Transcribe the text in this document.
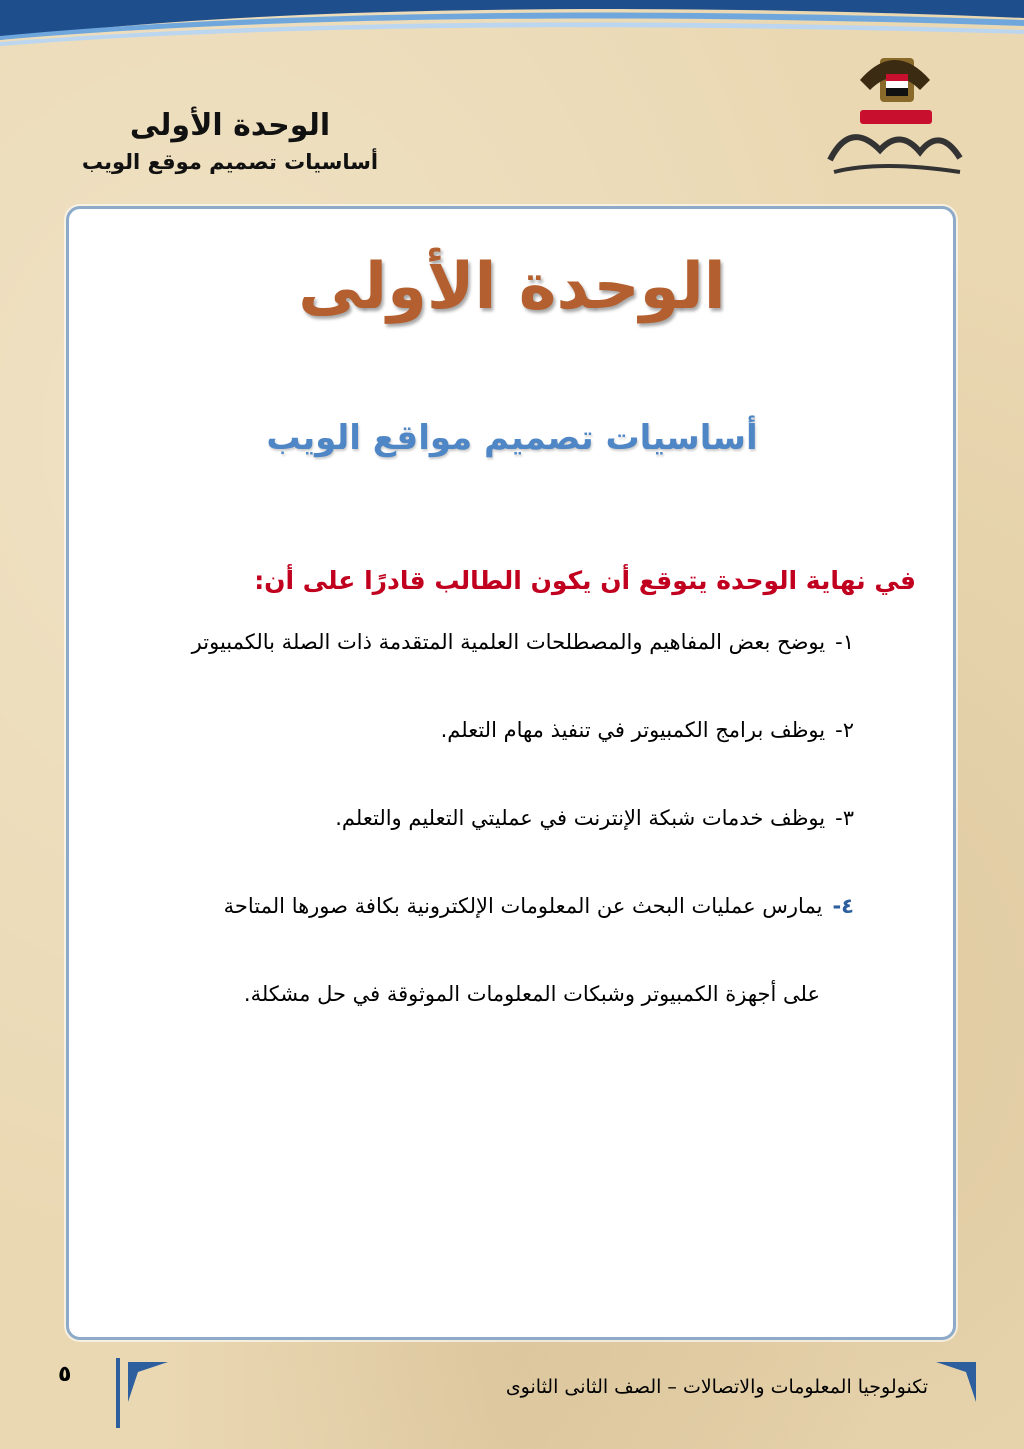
الوحدة الأولى
أساسيات تصميم موقع الويب
الوحدة الأولى
أساسيات تصميم مواقع الويب
في نهاية الوحدة يتوقع أن يكون الطالب قادرًا على أن:
١-يوضح بعض المفاهيم والمصطلحات العلمية المتقدمة ذات الصلة بالكمبيوتر
٢-يوظف برامج الكمبيوتر في تنفيذ مهام التعلم.
٣-يوظف خدمات شبكة الإنترنت في عمليتي التعليم والتعلم.
٤-يمارس عمليات البحث عن المعلومات الإلكترونية بكافة صورها المتاحة
على أجهزة الكمبيوتر وشبكات المعلومات الموثوقة في حل مشكلة.
٥	تكنولوجيا المعلومات والاتصالات – الصف الثانى الثانوى
